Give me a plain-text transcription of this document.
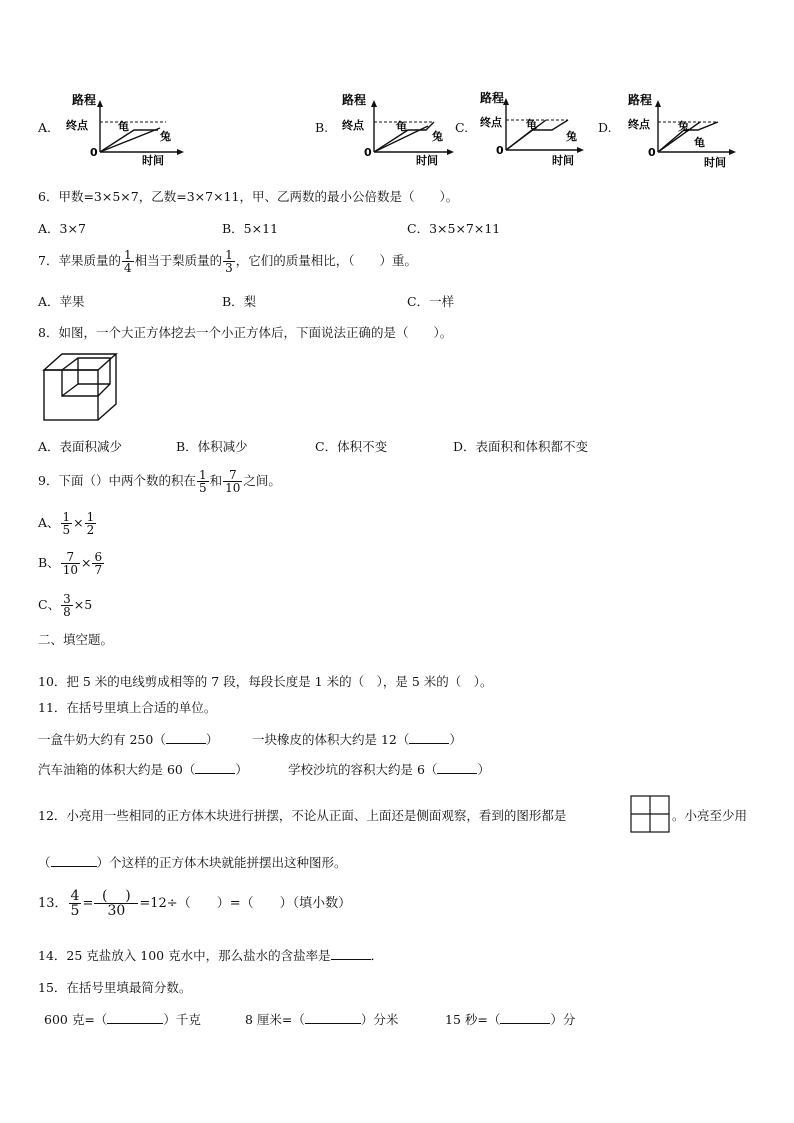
A.
路程
终点
0
时间
龟
兔
B.
路程
终点
0
时间
龟
兔
C.
路程
终点
0
时间
龟
兔
D.
路程
终点
0
时间
兔
龟
6．甲数=3×5×7，乙数=3×7×11，甲、乙两数的最小公倍数是（　　）。
A．3×7	B．5×11	C．3×5×7×11
7．苹果质量的 $\frac{1}{4}$ 相当于梨质量的 $\frac{1}{3}$ ，它们的质量相比，（　　）重。
A．苹果	B．梨	C．一样
8．如图，一个大正方体挖去一个小正方体后，下面说法正确的是（　　）。
A．表面积减少	B．体积减少	C．体积不变	D．表面积和体积都不变
9．下面（）中两个数的积在 $\frac{1}{5}$ 和 $\frac{7}{10}$ 之间。
A、 $\frac{1}{5} \times \frac{1}{2}$
B、 $\frac{7}{10} \times \frac{6}{7}$
C、 $\frac{3}{8} \times 5$
二、填空题。
10．把 5 米的电线剪成相等的 7 段，每段长度是 1 米的（　），是 5 米的（　）。
11．在括号里填上合适的单位。
一盒牛奶大约有 250（	）	一块橡皮的体积大约是 12（	）
汽车油箱的体积大约是 60（	）	学校沙坑的容积大约是 6（	）
12．小亮用一些相同的正方体木块进行拼摆，不论从正面、上面还是侧面观察，看到的图形都是	。小亮至少用
（	）个这样的正方体木块就能拼摆出这种图形。
13． $\frac{4}{5} = \frac{( )}{30} =12\div$（　　）=（　　）（填小数）
14．25 克盐放入 100 克水中，那么盐水的含盐率是	．
15．在括号里填最简分数。
600 克=（	）千克	8 厘米=（	）分米	15 秒=（	）分
